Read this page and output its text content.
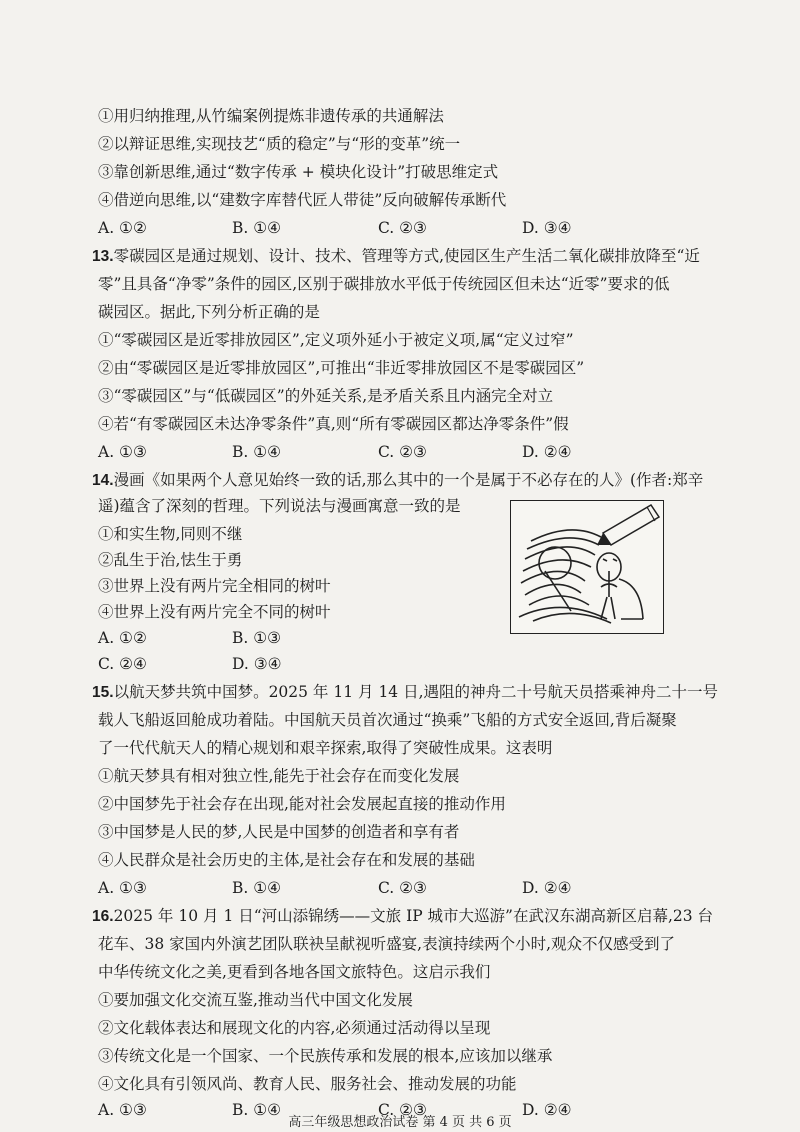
①用归纳推理,从竹编案例提炼非遗传承的共通解法
②以辩证思维,实现技艺“质的稳定”与“形的变革”统一
③靠创新思维,通过“数字传承 + 模块化设计”打破思维定式
④借逆向思维,以“建数字库替代匠人带徒”反向破解传承断代
A. ①②	B. ①④	C. ②③	D. ③④
13.零碳园区是通过规划、设计、技术、管理等方式,使园区生产生活二氧化碳排放降至“近
零”且具备“净零”条件的园区,区别于碳排放水平低于传统园区但未达“近零”要求的低
碳园区。据此,下列分析正确的是
①“零碳园区是近零排放园区”,定义项外延小于被定义项,属“定义过窄”
②由“零碳园区是近零排放园区”,可推出“非近零排放园区不是零碳园区”
③“零碳园区”与“低碳园区”的外延关系,是矛盾关系且内涵完全对立
④若“有零碳园区未达净零条件”真,则“所有零碳园区都达净零条件”假
A. ①③	B. ①④	C. ②③	D. ②④
14.漫画《如果两个人意见始终一致的话,那么其中的一个是属于不必存在的人》(作者:郑辛
遥)蕴含了深刻的哲理。下列说法与漫画寓意一致的是
①和实生物,同则不继
②乱生于治,怯生于勇
③世界上没有两片完全相同的树叶
④世界上没有两片完全不同的树叶
A. ①②	B. ①③
C. ②④	D. ③④
15.以航天梦共筑中国梦。2025 年 11 月 14 日,遇阻的神舟二十号航天员搭乘神舟二十一号
载人飞船返回舱成功着陆。中国航天员首次通过“换乘”飞船的方式安全返回,背后凝聚
了一代代航天人的精心规划和艰辛探索,取得了突破性成果。这表明
①航天梦具有相对独立性,能先于社会存在而变化发展
②中国梦先于社会存在出现,能对社会发展起直接的推动作用
③中国梦是人民的梦,人民是中国梦的创造者和享有者
④人民群众是社会历史的主体,是社会存在和发展的基础
A. ①③	B. ①④	C. ②③	D. ②④
16.2025 年 10 月 1 日“河山添锦绣——文旅 IP 城市大巡游”在武汉东湖高新区启幕,23 台
花车、38 家国内外演艺团队联袂呈献视听盛宴,表演持续两个小时,观众不仅感受到了
中华传统文化之美,更看到各地各国文旅特色。这启示我们
①要加强文化交流互鉴,推动当代中国文化发展
②文化载体表达和展现文化的内容,必须通过活动得以呈现
③传统文化是一个国家、一个民族传承和发展的根本,应该加以继承
④文化具有引领风尚、教育人民、服务社会、推动发展的功能
A. ①③	B. ①④	C. ②③	D. ②④
高三年级思想政治试卷 第 4 页 共 6 页
